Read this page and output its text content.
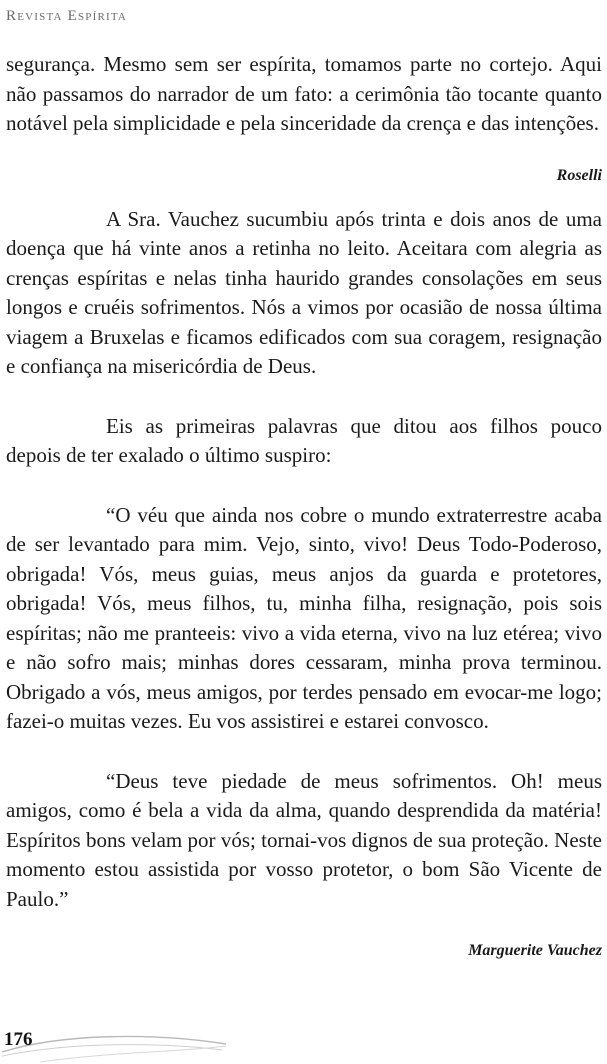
Revista Espírita

segurança. Mesmo sem ser espírita, tomamos parte no cortejo. Aqui não passamos do narrador de um fato: a cerimônia tão tocante quanto notável pela simplicidade e pela sinceridade da crença e das intenções.

Roselli

A Sra. Vauchez sucumbiu após trinta e dois anos de uma doença que há vinte anos a retinha no leito. Aceitara com alegria as crenças espíritas e nelas tinha haurido grandes consolações em seus longos e cruéis sofrimentos. Nós a vimos por ocasião de nossa última viagem a Bruxelas e ficamos edificados com sua coragem, resignação e confiança na misericórdia de Deus.

Eis as primeiras palavras que ditou aos filhos pouco depois de ter exalado o último suspiro:

“O véu que ainda nos cobre o mundo extraterrestre acaba de ser levantado para mim. Vejo, sinto, vivo! Deus Todo-Poderoso, obrigada! Vós, meus guias, meus anjos da guarda e protetores, obrigada! Vós, meus filhos, tu, minha filha, resignação, pois sois espíritas; não me pranteeis: vivo a vida eterna, vivo na luz etérea; vivo e não sofro mais; minhas dores cessaram, minha prova terminou. Obrigado a vós, meus amigos, por terdes pensado em evocar-me logo; fazei-o muitas vezes. Eu vos assistirei e estarei convosco.

“Deus teve piedade de meus sofrimentos. Oh! meus amigos, como é bela a vida da alma, quando desprendida da matéria! Espíritos bons velam por vós; tornai-vos dignos de sua proteção. Neste momento estou assistida por vosso protetor, o bom São Vicente de Paulo.”

Marguerite Vauchez

176
